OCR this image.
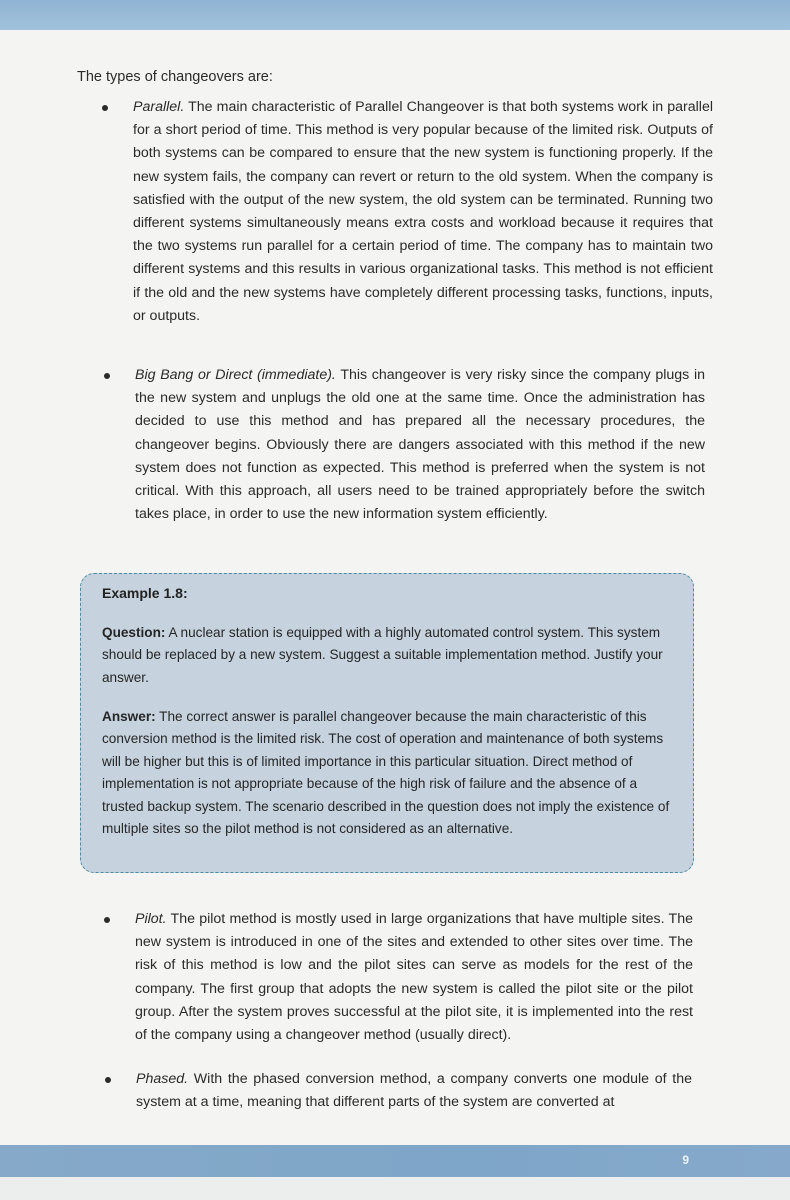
The types of changeovers are:
Parallel. The main characteristic of Parallel Changeover is that both systems work in parallel for a short period of time. This method is very popular because of the limited risk. Outputs of both systems can be compared to ensure that the new system is functioning properly. If the new system fails, the company can revert or return to the old system. When the company is satisfied with the output of the new system, the old system can be terminated. Running two different systems simultaneously means extra costs and workload because it requires that the two systems run parallel for a certain period of time. The company has to maintain two different systems and this results in various organizational tasks. This method is not efficient if the old and the new systems have completely different processing tasks, functions, inputs, or outputs.
Big Bang or Direct (immediate). This changeover is very risky since the company plugs in the new system and unplugs the old one at the same time. Once the administration has decided to use this method and has prepared all the necessary procedures, the changeover begins. Obviously there are dangers associated with this method if the new system does not function as expected. This method is preferred when the system is not critical. With this approach, all users need to be trained appropriately before the switch takes place, in order to use the new information system efficiently.
Example 1.8:
Question: A nuclear station is equipped with a highly automated control system. This system should be replaced by a new system. Suggest a suitable implementation method. Justify your answer.
Answer: The correct answer is parallel changeover because the main characteristic of this conversion method is the limited risk. The cost of operation and maintenance of both systems will be higher but this is of limited importance in this particular situation. Direct method of implementation is not appropriate because of the high risk of failure and the absence of a trusted backup system. The scenario described in the question does not imply the existence of multiple sites so the pilot method is not considered as an alternative.
Pilot. The pilot method is mostly used in large organizations that have multiple sites. The new system is introduced in one of the sites and extended to other sites over time. The risk of this method is low and the pilot sites can serve as models for the rest of the company. The first group that adopts the new system is called the pilot site or the pilot group. After the system proves successful at the pilot site, it is implemented into the rest of the company using a changeover method (usually direct).
Phased. With the phased conversion method, a company converts one module of the system at a time, meaning that different parts of the system are converted at
9
